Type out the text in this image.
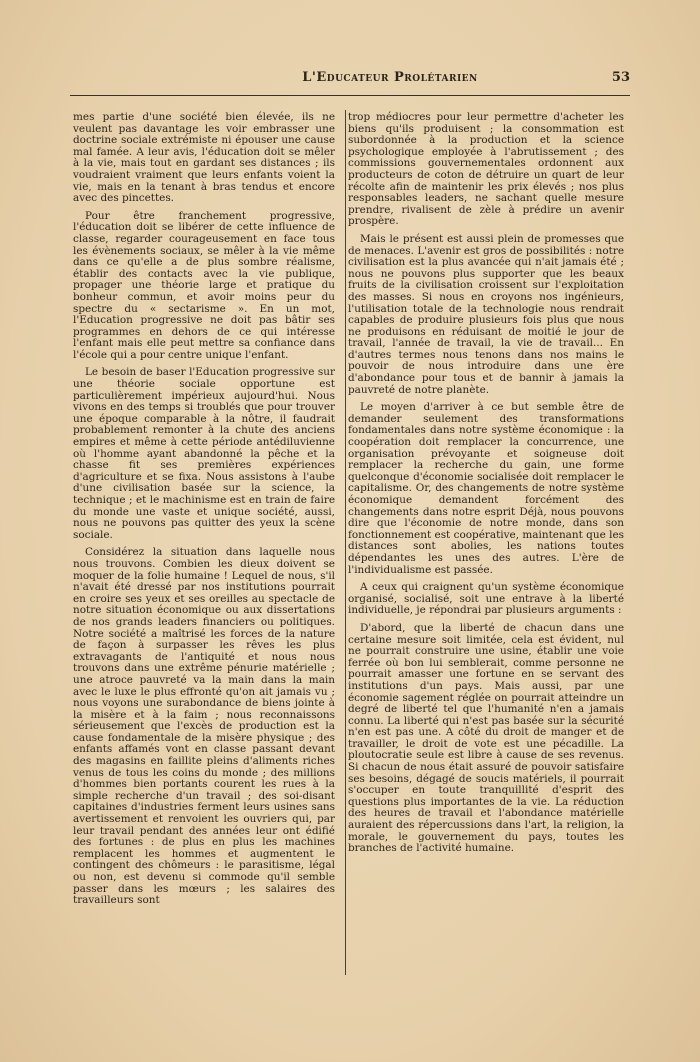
L'Educateur Prolétarien	53

mes partie d'une société bien élevée, ils ne veulent pas davantage les voir embrasser une doctrine sociale extrémiste ni épouser une cause mal famée. A leur avis, l'éducation doit se mêler à la vie, mais tout en gardant ses distances ; ils voudraient vraiment que leurs enfants voient la vie, mais en la tenant à bras tendus et encore avec des pincettes.

Pour être franchement progressive, l'éducation doit se libérer de cette influence de classe, regarder courageusement en face tous les évènements sociaux, se mêler à la vie même dans ce qu'elle a de plus sombre réalisme, établir des contacts avec la vie publique, propager une théorie large et pratique du bonheur commun, et avoir moins peur du spectre du « sectarisme ». En un mot, l'Education progressive ne doit pas bâtir ses programmes en dehors de ce qui intéresse l'enfant mais elle peut mettre sa confiance dans l'école qui a pour centre unique l'enfant.

Le besoin de baser l'Education progressive sur une théorie sociale opportune est particulièrement impérieux aujourd'hui. Nous vivons en des temps si troublés que pour trouver une époque comparable à la nôtre, il faudrait probablement remonter à la chute des anciens empires et même à cette période antédiluvienne où l'homme ayant abandonné la pêche et la chasse fit ses premières expériences d'agriculture et se fixa. Nous assistons à l'aube d'une civilisation basée sur la science, la technique ; et le machinisme est en train de faire du monde une vaste et unique société, aussi, nous ne pouvons pas quitter des yeux la scène sociale.

Considérez la situation dans laquelle nous nous trouvons. Combien les dieux doivent se moquer de la folie humaine ! Lequel de nous, s'il n'avait été dressé par nos institutions pourrait en croire ses yeux et ses oreilles au spectacle de notre situation économique ou aux dissertations de nos grands leaders financiers ou politiques. Notre société a maîtrisé les forces de la nature de façon à surpasser les rêves les plus extravagants de l'antiquité et nous nous trouvons dans une extrême pénurie matérielle ; une atroce pauvreté va la main dans la main avec le luxe le plus effronté qu'on ait jamais vu ; nous voyons une surabondance de biens jointe à la misère et à la faim ; nous reconnaissons sérieusement que l'excès de production est la cause fondamentale de la misère physique ; des enfants affamés vont en classe passant devant des magasins en faillite pleins d'aliments riches venus de tous les coins du monde ; des millions d'hommes bien portants courent les rues à la simple recherche d'un travail ; des soi-disant capitaines d'industries ferment leurs usines sans avertissement et renvoient les ouvriers qui, par leur travail pendant des années leur ont édifié des fortunes : de plus en plus les machines remplacent les hommes et augmentent le contingent des chômeurs : le parasitisme, légal ou non, est devenu si commode qu'il semble passer dans les mœurs ; les salaires des travailleurs sont

trop médiocres pour leur permettre d'acheter les biens qu'ils produisent ; la consommation est subordonnée à la production et la science psychologique employée à l'abrutissement ; des commissions gouvernementales ordonnent aux producteurs de coton de détruire un quart de leur récolte afin de maintenir les prix élevés ; nos plus responsables leaders, ne sachant quelle mesure prendre, rivalisent de zèle à prédire un avenir prospère.

Mais le présent est aussi plein de promesses que de menaces. L'avenir est gros de possibilités : notre civilisation est la plus avancée qui n'ait jamais été ; nous ne pouvons plus supporter que les beaux fruits de la civilisation croissent sur l'exploitation des masses. Si nous en croyons nos ingénieurs, l'utilisation totale de la technologie nous rendrait capables de produire plusieurs fois plus que nous ne produisons en réduisant de moitié le jour de travail, l'année de travail, la vie de travail... En d'autres termes nous tenons dans nos mains le pouvoir de nous introduire dans une ère d'abondance pour tous et de bannir à jamais la pauvreté de notre planète.

Le moyen d'arriver à ce but semble être de demander seulement des transformations fondamentales dans notre système économique : la coopération doit remplacer la concurrence, une organisation prévoyante et soigneuse doit remplacer la recherche du gain, une forme quelconque d'économie socialisée doit remplacer le capitalisme. Or, des changements de notre système économique demandent forcément des changements dans notre esprit Déjà, nous pouvons dire que l'économie de notre monde, dans son fonctionnement est coopérative, maintenant que les distances sont abolies, les nations toutes dépendantes les unes des autres. L'ère de l'individualisme est passée.

A ceux qui craignent qu'un système économique organisé, socialisé, soit une entrave à la liberté individuelle, je répondrai par plusieurs arguments :

D'abord, que la liberté de chacun dans une certaine mesure soit limitée, cela est évident, nul ne pourrait construire une usine, établir une voie ferrée où bon lui semblerait, comme personne ne pourrait amasser une fortune en se servant des institutions d'un pays. Mais aussi, par une économie sagement réglée on pourrait atteindre un degré de liberté tel que l'humanité n'en a jamais connu. La liberté qui n'est pas basée sur la sécurité n'en est pas une. A côté du droit de manger et de travailler, le droit de vote est une pécadille. La ploutocratie seule est libre à cause de ses revenus. Si chacun de nous était assuré de pouvoir satisfaire ses besoins, dégagé de soucis matériels, il pourrait s'occuper en toute tranquillité d'esprit des questions plus importantes de la vie. La réduction des heures de travail et l'abondance matérielle auraient des répercussions dans l'art, la religion, la morale, le gouvernement du pays, toutes les branches de l'activité humaine.
